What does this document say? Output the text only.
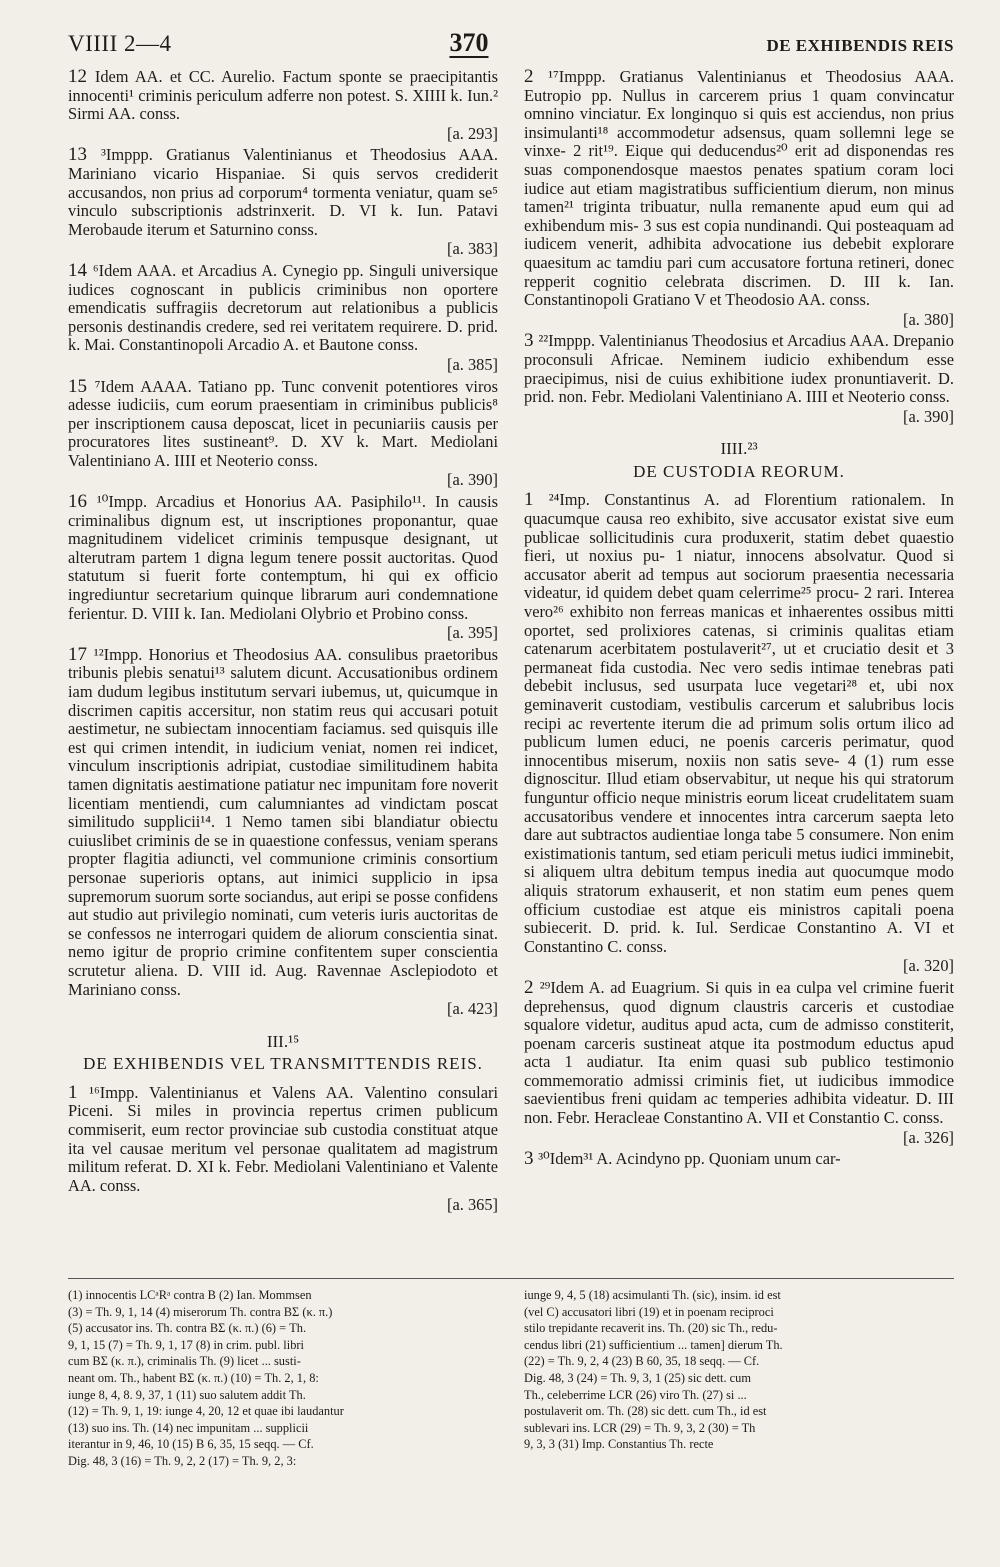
VIIII 2—4	370	DE EXHIBENDIS REIS

12 Idem AA. et CC. Aurelio. Factum sponte se praecipitantis innocenti¹ criminis periculum adferre non potest. S. XIIII k. Iun.² Sirmi AA. conss.

[a. 293]

13 ³Imppp. Gratianus Valentinianus et Theodosius AAA. Mariniano vicario Hispaniae. Si quis servos crediderit accusandos, non prius ad corporum⁴ tormenta veniatur, quam se⁵ vinculo subscriptionis adstrinxerit. D. VI k. Iun. Patavi Merobaude iterum et Saturnino conss.

[a. 383]

14 ⁶Idem AAA. et Arcadius A. Cynegio pp. Singuli universique iudices cognoscant in publicis criminibus non oportere emendicatis suffragiis decretorum aut relationibus a publicis personis destinandis credere, sed rei veritatem requirere. D. prid. k. Mai. Constantinopoli Arcadio A. et Bautone conss.

[a. 385]

15 ⁷Idem AAAA. Tatiano pp. Tunc convenit potentiores viros adesse iudiciis, cum eorum praesentiam in criminibus publicis⁸ per inscriptionem causa deposcat, licet in pecuniariis causis per procuratores lites sustineant⁹. D. XV k. Mart. Mediolani Valentiniano A. IIII et Neoterio conss.

[a. 390]

16 ¹⁰Impp. Arcadius et Honorius AA. Pasiphilo¹¹. In causis criminalibus dignum est, ut inscriptiones proponantur, quae magnitudinem videlicet criminis tempusque designant, ut alterutram partem 1 digna legum tenere possit auctoritas. Quod statutum si fuerit forte contemptum, hi qui ex officio ingrediuntur secretarium quinque librarum auri condemnatione ferientur. D. VIII k. Ian. Mediolani Olybrio et Probino conss.

[a. 395]

17 ¹²Impp. Honorius et Theodosius AA. consulibus praetoribus tribunis plebis senatui¹³ salutem dicunt. Accusationibus ordinem iam dudum legibus institutum servari iubemus, ut, quicumque in discrimen capitis accersitur, non statim reus qui accusari potuit aestimetur, ne subiectam innocentiam faciamus. sed quisquis ille est qui crimen intendit, in iudicium veniat, nomen rei indicet, vinculum inscriptionis adripiat, custodiae similitudinem habita tamen dignitatis aestimatione patiatur nec impunitam fore noverit licentiam mentiendi, cum calumniantes ad vindictam poscat similitudo supplicii¹⁴. 1 Nemo tamen sibi blandiatur obiectu cuiuslibet criminis de se in quaestione confessus, veniam sperans propter flagitia adiuncti, vel communione criminis consortium personae superioris optans, aut inimici supplicio in ipsa supremorum suorum sorte sociandus, aut eripi se posse confidens aut studio aut privilegio nominati, cum veteris iuris auctoritas de se confessos ne interrogari quidem de aliorum conscientia sinat. nemo igitur de proprio crimine confitentem super conscientia scrutetur aliena. D. VIII id. Aug. Ravennae Asclepiodoto et Mariniano conss.

[a. 423]
III.¹⁵
DE EXHIBENDIS VEL TRANSMITTENDIS REIS.

1 ¹⁶Impp. Valentinianus et Valens AA. Valentino consulari Piceni. Si miles in provincia repertus crimen publicum commiserit, eum rector provinciae sub custodia constituat atque ita vel causae meritum vel personae qualitatem ad magistrum militum referat. D. XI k. Febr. Mediolani Valentiniano et Valente AA. conss.

[a. 365]

2 ¹⁷Imppp. Gratianus Valentinianus et Theodosius AAA. Eutropio pp. Nullus in carcerem prius 1 quam convincatur omnino vinciatur. Ex longinquo si quis est acciendus, non prius insimulanti¹⁸ accommodetur adsensus, quam sollemni lege se vinxe- 2 rit¹⁹. Eique qui deducendus²⁰ erit ad disponendas res suas componendosque maestos penates spatium coram loci iudice aut etiam magistratibus sufficientium dierum, non minus tamen²¹ triginta tribuatur, nulla remanente apud eum qui ad exhibendum mis- 3 sus est copia nundinandi. Qui posteaquam ad iudicem venerit, adhibita advocatione ius debebit explorare quaesitum ac tamdiu pari cum accusatore fortuna retineri, donec repperit cognitio celebrata discrimen. D. III k. Ian. Constantinopoli Gratiano V et Theodosio AA. conss.

[a. 380]

3 ²²Imppp. Valentinianus Theodosius et Arcadius AAA. Drepanio proconsuli Africae. Neminem iudicio exhibendum esse praecipimus, nisi de cuius exhibitione iudex pronuntiaverit. D. prid. non. Febr. Mediolani Valentiniano A. IIII et Neoterio conss.

[a. 390]
IIII.²³
DE CUSTODIA REORUM.

1 ²⁴Imp. Constantinus A. ad Florentium rationalem. In quacumque causa reo exhibito, sive accusator existat sive eum publicae sollicitudinis cura produxerit, statim debet quaestio fieri, ut noxius pu- 1 niatur, innocens absolvatur. Quod si accusator aberit ad tempus aut sociorum praesentia necessaria videatur, id quidem debet quam celerrime²⁵ procu- 2 rari. Interea vero²⁶ exhibito non ferreas manicas et inhaerentes ossibus mitti oportet, sed prolixiores catenas, si criminis qualitas etiam catenarum acerbitatem postulaverit²⁷, ut et cruciatio desit et 3 permaneat fida custodia. Nec vero sedis intimae tenebras pati debebit inclusus, sed usurpata luce vegetari²⁸ et, ubi nox geminaverit custodiam, vestibulis carcerum et salubribus locis recipi ac revertente iterum die ad primum solis ortum ilico ad publicum lumen educi, ne poenis carceris perimatur, quod innocentibus miserum, noxiis non satis seve- 4 (1) rum esse dignoscitur. Illud etiam observabitur, ut neque his qui stratorum funguntur officio neque ministris eorum liceat crudelitatem suam accusatoribus vendere et innocentes intra carcerum saepta leto dare aut subtractos audientiae longa tabe 5 consumere. Non enim existimationis tantum, sed etiam periculi metus iudici imminebit, si aliquem ultra debitum tempus inedia aut quocumque modo aliquis stratorum exhauserit, et non statim eum penes quem officium custodiae est atque eis ministros capitali poena subiecerit. D. prid. k. Iul. Serdicae Constantino A. VI et Constantino C. conss.

[a. 320]

2 ²⁹Idem A. ad Euagrium. Si quis in ea culpa vel crimine fuerit deprehensus, quod dignum claustris carceris et custodiae squalore videtur, auditus apud acta, cum de admisso constiterit, poenam carceris sustineat atque ita postmodum eductus apud acta 1 audiatur. Ita enim quasi sub publico testimonio commemoratio admissi criminis fiet, ut iudicibus immodice saevientibus freni quidam ac temperies adhibita videatur. D. III non. Febr. Heracleae Constantino A. VII et Constantio C. conss.

[a. 326]

3 ³⁰Idem³¹ A. Acindyno pp. Quoniam unum car-

(1) innocentis LCᵃRᵃ contra B (2) Ian. Mommsen
(3) = Th. 9, 1, 14 (4) miserorum Th. contra BΣ (κ. π.)
(5) accusator ins. Th. contra BΣ (κ. π.) (6) = Th.
9, 1, 15 (7) = Th. 9, 1, 17 (8) in crim. publ. libri
cum BΣ (κ. π.), criminalis Th. (9) licet ... susti-
neant om. Th., habent BΣ (κ. π.) (10) = Th. 2, 1, 8:
iunge 8, 4, 8. 9, 37, 1 (11) suo salutem addit Th.
(12) = Th. 9, 1, 19: iunge 4, 20, 12 et quae ibi laudantur
(13) suo ins. Th. (14) nec impunitam ... supplicii
iterantur in 9, 46, 10 (15) B 6, 35, 15 seqq. — Cf.
Dig. 48, 3 (16) = Th. 9, 2, 2 (17) = Th. 9, 2, 3:
iunge 9, 4, 5 (18) acsimulanti Th. (sic), insim. id est
(vel C) accusatori libri (19) et in poenam reciproci
stilo trepidante recaverit ins. Th. (20) sic Th., redu-
cendus libri (21) sufficientium ... tamen] dierum Th.
(22) = Th. 9, 2, 4 (23) B 60, 35, 18 seqq. — Cf.
Dig. 48, 3 (24) = Th. 9, 3, 1 (25) sic dett. cum
Th., celeberrime LCR (26) viro Th. (27) si ...
postulaverit om. Th. (28) sic dett. cum Th., id est
sublevari ins. LCR (29) = Th. 9, 3, 2 (30) = Th
9, 3, 3 (31) Imp. Constantius Th. recte
